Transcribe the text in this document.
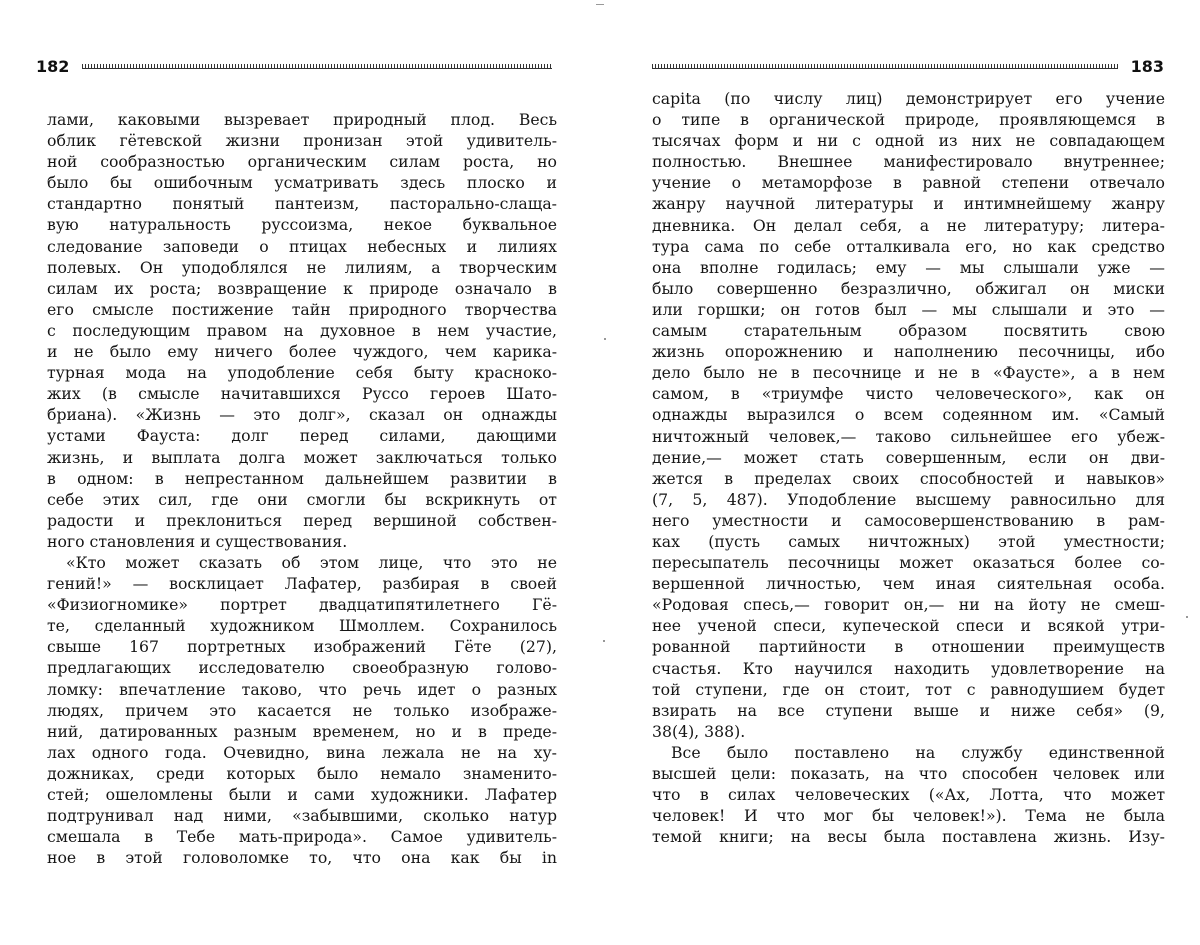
182
лами, каковыми вызревает природный плод. Весь
облик гётевской жизни пронизан этой удивитель-
ной сообразностью органическим силам роста, но
было бы ошибочным усматривать здесь плоско и
стандартно понятый пантеизм, пасторально-слаща-
вую натуральность руссоизма, некое буквальное
следование заповеди о птицах небесных и лилиях
полевых. Он уподоблялся не лилиям, а творческим
силам их роста; возвращение к природе означало в
его смысле постижение тайн природного творчества
с последующим правом на духовное в нем участие,
и не было ему ничего более чуждого, чем карика-
турная мода на уподобление себя быту красноко-
жих (в смысле начитавшихся Руссо героев Шато-
бриана). «Жизнь — это долг», сказал он однажды
устами Фауста: долг перед силами, дающими
жизнь, и выплата долга может заключаться только
в одном: в непрестанном дальнейшем развитии в
себе этих сил, где они смогли бы вскрикнуть от
радости и преклониться перед вершиной собствен-
ного становления и существования.
«Кто может сказать об этом лице, что это не
гений!» — восклицает Лафатер, разбирая в своей
«Физиогномике» портрет двадцатипятилетнего Гё-
те, сделанный художником Шмоллем. Сохранилось
свыше 167 портретных изображений Гёте (27),
предлагающих исследователю своеобразную голово-
ломку: впечатление таково, что речь идет о разных
людях, причем это касается не только изображе-
ний, датированных разным временем, но и в преде-
лах одного года. Очевидно, вина лежала не на ху-
дожниках, среди которых было немало знаменито-
стей; ошеломлены были и сами художники. Лафатер
подтрунивал над ними, «забывшими, сколько натур
смешала в Тебе мать-природа». Самое удивитель-
ное в этой головоломке то, что она как бы in
183
capita (по числу лиц) демонстрирует его учение
о типе в органической природе, проявляющемся в
тысячах форм и ни с одной из них не совпадающем
полностью. Внешнее манифестировало внутреннее;
учение о метаморфозе в равной степени отвечало
жанру научной литературы и интимнейшему жанру
дневника. Он делал себя, а не литературу; литера-
тура сама по себе отталкивала его, но как средство
она вполне годилась; ему — мы слышали уже —
было совершенно безразлично, обжигал он миски
или горшки; он готов был — мы слышали и это —
самым старательным образом посвятить свою
жизнь опорожнению и наполнению песочницы, ибо
дело было не в песочнице и не в «Фаусте», а в нем
самом, в «триумфе чисто человеческого», как он
однажды выразился о всем содеянном им. «Самый
ничтожный человек,— таково сильнейшее его убеж-
дение,— может стать совершенным, если он дви-
жется в пределах своих способностей и навыков»
(7, 5, 487). Уподобление высшему равносильно для
него уместности и самосовершенствованию в рам-
ках (пусть самых ничтожных) этой уместности;
пересыпатель песочницы может оказаться более со-
вершенной личностью, чем иная сиятельная особа.
«Родовая спесь,— говорит он,— ни на йоту не смеш-
нее ученой спеси, купеческой спеси и всякой утри-
рованной партийности в отношении преимуществ
счастья. Кто научился находить удовлетворение на
той ступени, где он стоит, тот с равнодушием будет
взирать на все ступени выше и ниже себя» (9,
38(4), 388).
Все было поставлено на службу единственной
высшей цели: показать, на что способен человек или
что в силах человеческих («Ах, Лотта, что может
человек! И что мог бы человек!»). Тема не была
темой книги; на весы была поставлена жизнь. Изу-
